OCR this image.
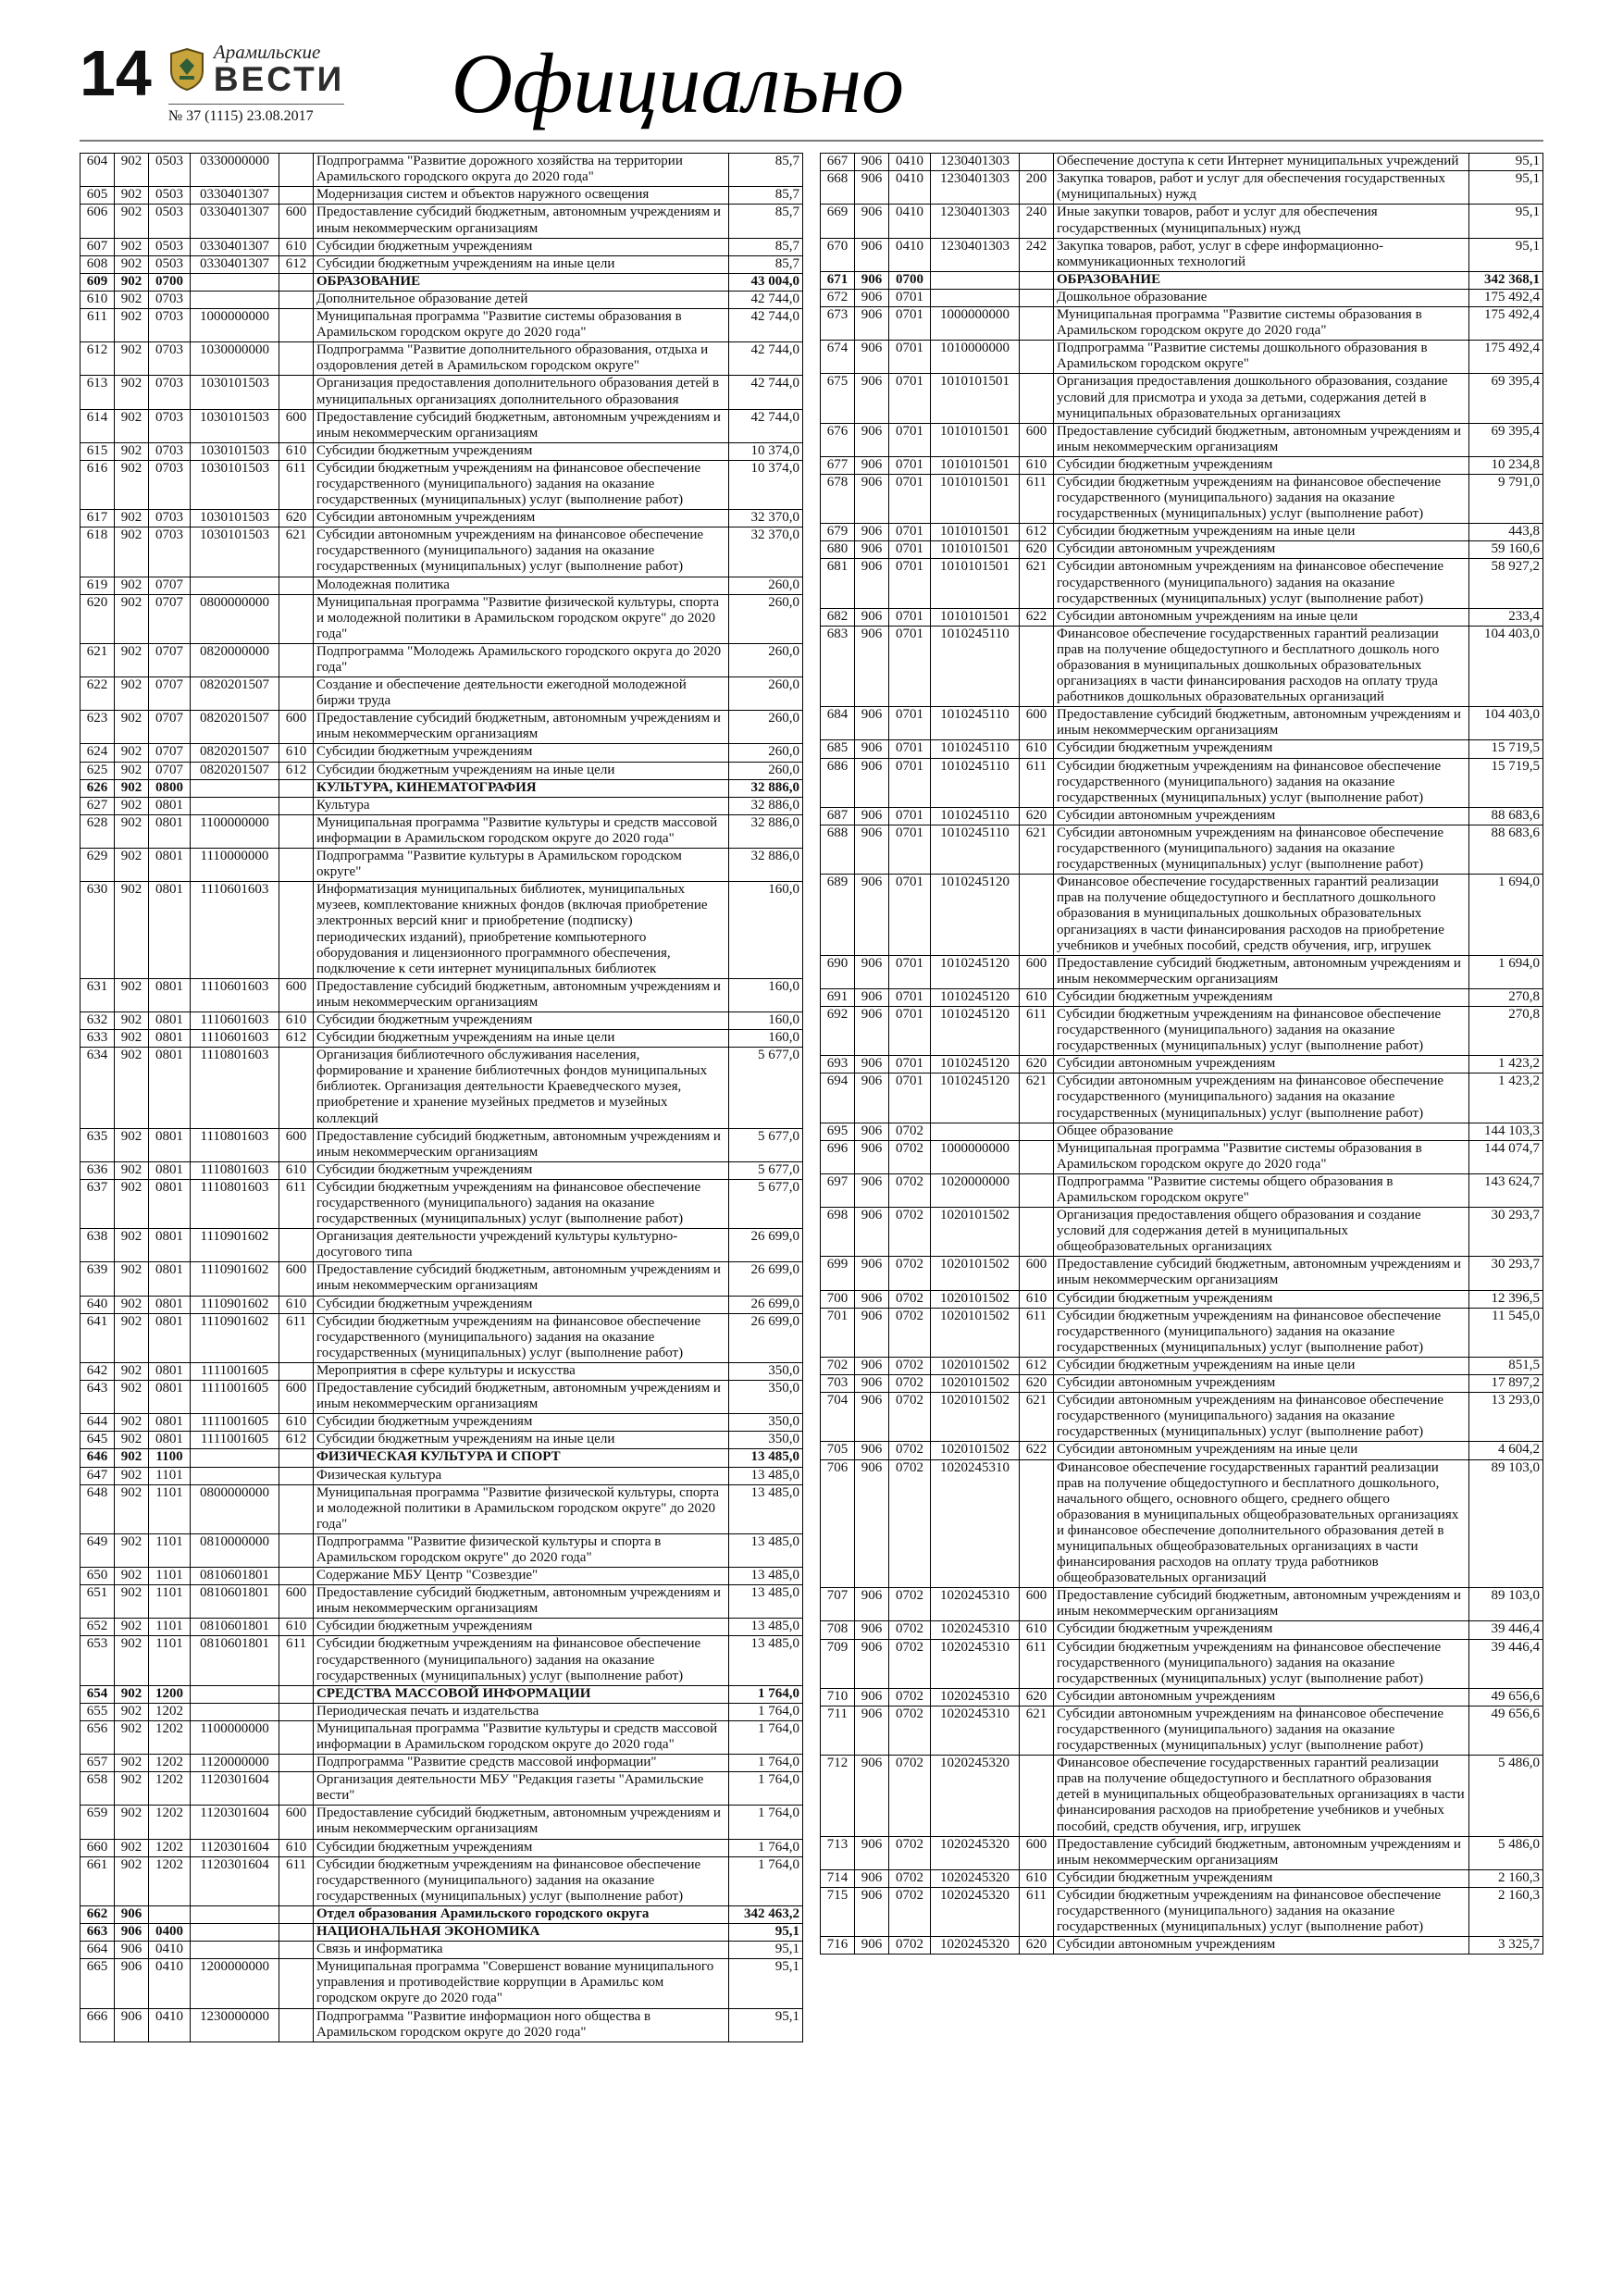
14	Арамильские
ВЕСТИ
№ 37 (1115) 23.08.2017	Официально
604	902	0503	0330000000		Подпрограмма "Развитие дорожного хозяйства на территории Арамильского городского округа до 2020 года"	85,7
605	902	0503	0330401307		Модернизация систем и объектов наружного освещения	85,7
606	902	0503	0330401307	600	Предоставление субсидий бюджетным, автономным учреждениям и иным некоммерческим организациям	85,7
607	902	0503	0330401307	610	Субсидии бюджетным учреждениям	85,7
608	902	0503	0330401307	612	Субсидии бюджетным учреждениям на иные цели	85,7
609	902	0700			ОБРАЗОВАНИЕ	43 004,0
610	902	0703			Дополнительное образование детей	42 744,0
611	902	0703	1000000000		Муниципальная программа "Развитие системы образования в Арамильском городском округе до 2020 года"	42 744,0
612	902	0703	1030000000		Подпрограмма "Развитие дополнительного образования, отдыха и оздоровления детей в Арамильском городском округе"	42 744,0
613	902	0703	1030101503		Организация предоставления дополнительного образования детей в муниципальных организациях дополнительного образования	42 744,0
614	902	0703	1030101503	600	Предоставление субсидий бюджетным, автономным учреждениям и иным некоммерческим организациям	42 744,0
615	902	0703	1030101503	610	Субсидии бюджетным учреждениям	10 374,0
616	902	0703	1030101503	611	Субсидии бюджетным учреждениям на финансовое обеспечение государственного (муниципального) задания на оказание государственных (муниципальных) услуг (выполнение работ)	10 374,0
617	902	0703	1030101503	620	Субсидии автономным учреждениям	32 370,0
618	902	0703	1030101503	621	Субсидии автономным учреждениям на финансовое обеспечение государственного (муниципального) задания на оказание государственных (муниципальных) услуг (выполнение работ)	32 370,0
619	902	0707			Молодежная политика	260,0
620	902	0707	0800000000		Муниципальная программа "Развитие физической культуры, спорта и молодежной политики в Арамильском городском округе" до 2020 года"	260,0
621	902	0707	0820000000		Подпрограмма "Молодежь Арамильского городского округа до 2020 года"	260,0
622	902	0707	0820201507		Создание и обеспечение деятельности ежегодной молодежной биржи труда	260,0
623	902	0707	0820201507	600	Предоставление субсидий бюджетным, автономным учреждениям и иным некоммерческим организациям	260,0
624	902	0707	0820201507	610	Субсидии бюджетным учреждениям	260,0
625	902	0707	0820201507	612	Субсидии бюджетным учреждениям на иные цели	260,0
626	902	0800			КУЛЬТУРА, КИНЕМАТОГРАФИЯ	32 886,0
627	902	0801			Культура	32 886,0
628	902	0801	1100000000		Муниципальная программа "Развитие культуры и средств массовой информации в Арамильском городском округе до 2020 года"	32 886,0
629	902	0801	1110000000		Подпрограмма "Развитие культуры в Арамильском городском округе"	32 886,0
630	902	0801	1110601603		Информатизация муниципальных библиотек, муниципальных музеев, комплектование книжных фондов (включая приобретение электронных версий книг и приобретение (подписку) периодических изданий), приобретение компьютерного оборудования и лицензионного программного обеспечения, подключение к сети интернет муниципальных библиотек	160,0
631	902	0801	1110601603	600	Предоставление субсидий бюджетным, автономным учреждениям и иным некоммерческим организациям	160,0
632	902	0801	1110601603	610	Субсидии бюджетным учреждениям	160,0
633	902	0801	1110601603	612	Субсидии бюджетным учреждениям на иные цели	160,0
634	902	0801	1110801603		Организация библиотечного обслуживания населения, формирование и хранение библиотечных фондов муниципальных библиотек. Организация деятельности Краеведческого музея, приобретение и хранение музейных предметов и музейных коллекций	5 677,0
635	902	0801	1110801603	600	Предоставление субсидий бюджетным, автономным учреждениям и иным некоммерческим организациям	5 677,0
636	902	0801	1110801603	610	Субсидии бюджетным учреждениям	5 677,0
637	902	0801	1110801603	611	Субсидии бюджетным учреждениям на финансовое обеспечение государственного (муниципального) задания на оказание государственных (муниципальных) услуг (выполнение работ)	5 677,0
638	902	0801	1110901602		Организация деятельности учреждений культуры культурно-досугового типа	26 699,0
639	902	0801	1110901602	600	Предоставление субсидий бюджетным, автономным учреждениям и иным некоммерческим организациям	26 699,0
640	902	0801	1110901602	610	Субсидии бюджетным учреждениям	26 699,0
641	902	0801	1110901602	611	Субсидии бюджетным учреждениям на финансовое обеспечение государственного (муниципального) задания на оказание государственных (муниципальных) услуг (выполнение работ)	26 699,0
642	902	0801	1111001605		Мероприятия в сфере культуры и искусства	350,0
643	902	0801	1111001605	600	Предоставление субсидий бюджетным, автономным учреждениям и иным некоммерческим организациям	350,0
644	902	0801	1111001605	610	Субсидии бюджетным учреждениям	350,0
645	902	0801	1111001605	612	Субсидии бюджетным учреждениям на иные цели	350,0
646	902	1100			ФИЗИЧЕСКАЯ КУЛЬТУРА И СПОРТ	13 485,0
647	902	1101			Физическая культура	13 485,0
648	902	1101	0800000000		Муниципальная программа "Развитие физической культуры, спорта и молодежной политики в Арамильском городском округе" до 2020 года"	13 485,0
649	902	1101	0810000000		Подпрограмма "Развитие физической культуры и спорта в Арамильском городском округе" до 2020 года"	13 485,0
650	902	1101	0810601801		Содержание МБУ Центр "Созвездие"	13 485,0
651	902	1101	0810601801	600	Предоставление субсидий бюджетным, автономным учреждениям и иным некоммерческим организациям	13 485,0
652	902	1101	0810601801	610	Субсидии бюджетным учреждениям	13 485,0
653	902	1101	0810601801	611	Субсидии бюджетным учреждениям на финансовое обеспечение государственного (муниципального) задания на оказание государственных (муниципальных) услуг (выполнение работ)	13 485,0
654	902	1200			СРЕДСТВА МАССОВОЙ ИНФОРМАЦИИ	1 764,0
655	902	1202			Периодическая печать и издательства	1 764,0
656	902	1202	1100000000		Муниципальная программа "Развитие культуры и средств массовой информации в Арамильском городском округе до 2020 года"	1 764,0
657	902	1202	1120000000		Подпрограмма "Развитие средств массовой информации"	1 764,0
658	902	1202	1120301604		Организация деятельности МБУ "Редакция газеты "Арамильские вести"	1 764,0
659	902	1202	1120301604	600	Предоставление субсидий бюджетным, автономным учреждениям и иным некоммерческим организациям	1 764,0
660	902	1202	1120301604	610	Субсидии бюджетным учреждениям	1 764,0
661	902	1202	1120301604	611	Субсидии бюджетным учреждениям на финансовое обеспечение государственного (муниципального) задания на оказание государственных (муниципальных) услуг (выполнение работ)	1 764,0
662	906				Отдел образования Арамильского городского округа	342 463,2
663	906	0400			НАЦИОНАЛЬНАЯ ЭКОНОМИКА	95,1
664	906	0410			Связь и информатика	95,1
665	906	0410	1200000000		Муниципальная программа "Совершенст вование муниципального управления и противодействие коррупции в Арамильс ком городском округе до 2020 года"	95,1
666	906	0410	1230000000		Подпрограмма "Развитие информацион ного общества в Арамильском городском округе до 2020 года"	95,1
667	906	0410	1230401303		Обеспечение доступа к сети Интернет муниципальных учреждений	95,1
668	906	0410	1230401303	200	Закупка товаров, работ и услуг для обеспечения государственных (муниципальных) нужд	95,1
669	906	0410	1230401303	240	Иные закупки товаров, работ и услуг для обеспечения государственных (муниципальных) нужд	95,1
670	906	0410	1230401303	242	Закупка товаров, работ, услуг в сфере информационно-коммуникационных технологий	95,1
671	906	0700			ОБРАЗОВАНИЕ	342 368,1
672	906	0701			Дошкольное образование	175 492,4
673	906	0701	1000000000		Муниципальная программа "Развитие системы образования в Арамильском городском округе до 2020 года"	175 492,4
674	906	0701	1010000000		Подпрограмма "Развитие системы дошкольного образования в Арамильском городском округе"	175 492,4
675	906	0701	1010101501		Организация предоставления дошкольного образования, создание условий для присмотра и ухода за детьми, содержания детей в муниципальных образовательных организациях	69 395,4
676	906	0701	1010101501	600	Предоставление субсидий бюджетным, автономным учреждениям и иным некоммерческим организациям	69 395,4
677	906	0701	1010101501	610	Субсидии бюджетным учреждениям	10 234,8
678	906	0701	1010101501	611	Субсидии бюджетным учреждениям на финансовое обеспечение государственного (муниципального) задания на оказание государственных (муниципальных) услуг (выполнение работ)	9 791,0
679	906	0701	1010101501	612	Субсидии бюджетным учреждениям на иные цели	443,8
680	906	0701	1010101501	620	Субсидии автономным учреждениям	59 160,6
681	906	0701	1010101501	621	Субсидии автономным учреждениям на финансовое обеспечение государственного (муниципального) задания на оказание государственных (муниципальных) услуг (выполнение работ)	58 927,2
682	906	0701	1010101501	622	Субсидии автономным учреждениям на иные цели	233,4
683	906	0701	1010245110		Финансовое обеспечение государственных гарантий реализации прав на получение общедоступного и бесплатного дошколь ного образования в муниципальных дошкольных образовательных организациях в части финансирования расходов на оплату труда работников дошкольных образовательных организаций	104 403,0
684	906	0701	1010245110	600	Предоставление субсидий бюджетным, автономным учреждениям и иным некоммерческим организациям	104 403,0
685	906	0701	1010245110	610	Субсидии бюджетным учреждениям	15 719,5
686	906	0701	1010245110	611	Субсидии бюджетным учреждениям на финансовое обеспечение государственного (муниципального) задания на оказание государственных (муниципальных) услуг (выполнение работ)	15 719,5
687	906	0701	1010245110	620	Субсидии автономным учреждениям	88 683,6
688	906	0701	1010245110	621	Субсидии автономным учреждениям на финансовое обеспечение государственного (муниципального) задания на оказание государственных (муниципальных) услуг (выполнение работ)	88 683,6
689	906	0701	1010245120		Финансовое обеспечение государственных гарантий реализации прав на получение общедоступного и бесплатного дошкольного образования в муниципальных дошкольных образовательных организациях в части финансирования расходов на приобретение учебников и учебных пособий, средств обучения, игр, игрушек	1 694,0
690	906	0701	1010245120	600	Предоставление субсидий бюджетным, автономным учреждениям и иным некоммерческим организациям	1 694,0
691	906	0701	1010245120	610	Субсидии бюджетным учреждениям	270,8
692	906	0701	1010245120	611	Субсидии бюджетным учреждениям на финансовое обеспечение государственного (муниципального) задания на оказание государственных (муниципальных) услуг (выполнение работ)	270,8
693	906	0701	1010245120	620	Субсидии автономным учреждениям	1 423,2
694	906	0701	1010245120	621	Субсидии автономным учреждениям на финансовое обеспечение государственного (муниципального) задания на оказание государственных (муниципальных) услуг (выполнение работ)	1 423,2
695	906	0702			Общее образование	144 103,3
696	906	0702	1000000000		Муниципальная программа "Развитие системы образования в Арамильском городском округе до 2020 года"	144 074,7
697	906	0702	1020000000		Подпрограмма "Развитие системы общего образования в Арамильском городском округе"	143 624,7
698	906	0702	1020101502		Организация предоставления общего образования и создание условий для содержания детей в муниципальных общеобразовательных организациях	30 293,7
699	906	0702	1020101502	600	Предоставление субсидий бюджетным, автономным учреждениям и иным некоммерческим организациям	30 293,7
700	906	0702	1020101502	610	Субсидии бюджетным учреждениям	12 396,5
701	906	0702	1020101502	611	Субсидии бюджетным учреждениям на финансовое обеспечение государственного (муниципального) задания на оказание государственных (муниципальных) услуг (выполнение работ)	11 545,0
702	906	0702	1020101502	612	Субсидии бюджетным учреждениям на иные цели	851,5
703	906	0702	1020101502	620	Субсидии автономным учреждениям	17 897,2
704	906	0702	1020101502	621	Субсидии автономным учреждениям на финансовое обеспечение государственного (муниципального) задания на оказание государственных (муниципальных) услуг (выполнение работ)	13 293,0
705	906	0702	1020101502	622	Субсидии автономным учреждениям на иные цели	4 604,2
706	906	0702	1020245310		Финансовое обеспечение государственных гарантий реализации прав на получение общедоступного и бесплатного дошкольного, начального общего, основного общего, среднего общего образования в муниципальных общеобразовательных организациях и финансовое обеспечение дополнительного образования детей в муниципальных общеобразовательных организациях в части финансирования расходов на оплату труда работников общеобразовательных организаций	89 103,0
707	906	0702	1020245310	600	Предоставление субсидий бюджетным, автономным учреждениям и иным некоммерческим организациям	89 103,0
708	906	0702	1020245310	610	Субсидии бюджетным учреждениям	39 446,4
709	906	0702	1020245310	611	Субсидии бюджетным учреждениям на финансовое обеспечение государственного (муниципального) задания на оказание государственных (муниципальных) услуг (выполнение работ)	39 446,4
710	906	0702	1020245310	620	Субсидии автономным учреждениям	49 656,6
711	906	0702	1020245310	621	Субсидии автономным учреждениям на финансовое обеспечение государственного (муниципального) задания на оказание государственных (муниципальных) услуг (выполнение работ)	49 656,6
712	906	0702	1020245320		Финансовое обеспечение государственных гарантий реализации прав на получение общедоступного и бесплатного образования детей в муниципальных общеобразовательных организациях в части финансирования расходов на приобретение учебников и учебных пособий, средств обучения, игр, игрушек	5 486,0
713	906	0702	1020245320	600	Предоставление субсидий бюджетным, автономным учреждениям и иным некоммерческим организациям	5 486,0
714	906	0702	1020245320	610	Субсидии бюджетным учреждениям	2 160,3
715	906	0702	1020245320	611	Субсидии бюджетным учреждениям на финансовое обеспечение государственного (муниципального) задания на оказание государственных (муниципальных) услуг (выполнение работ)	2 160,3
716	906	0702	1020245320	620	Субсидии автономным учреждениям	3 325,7
